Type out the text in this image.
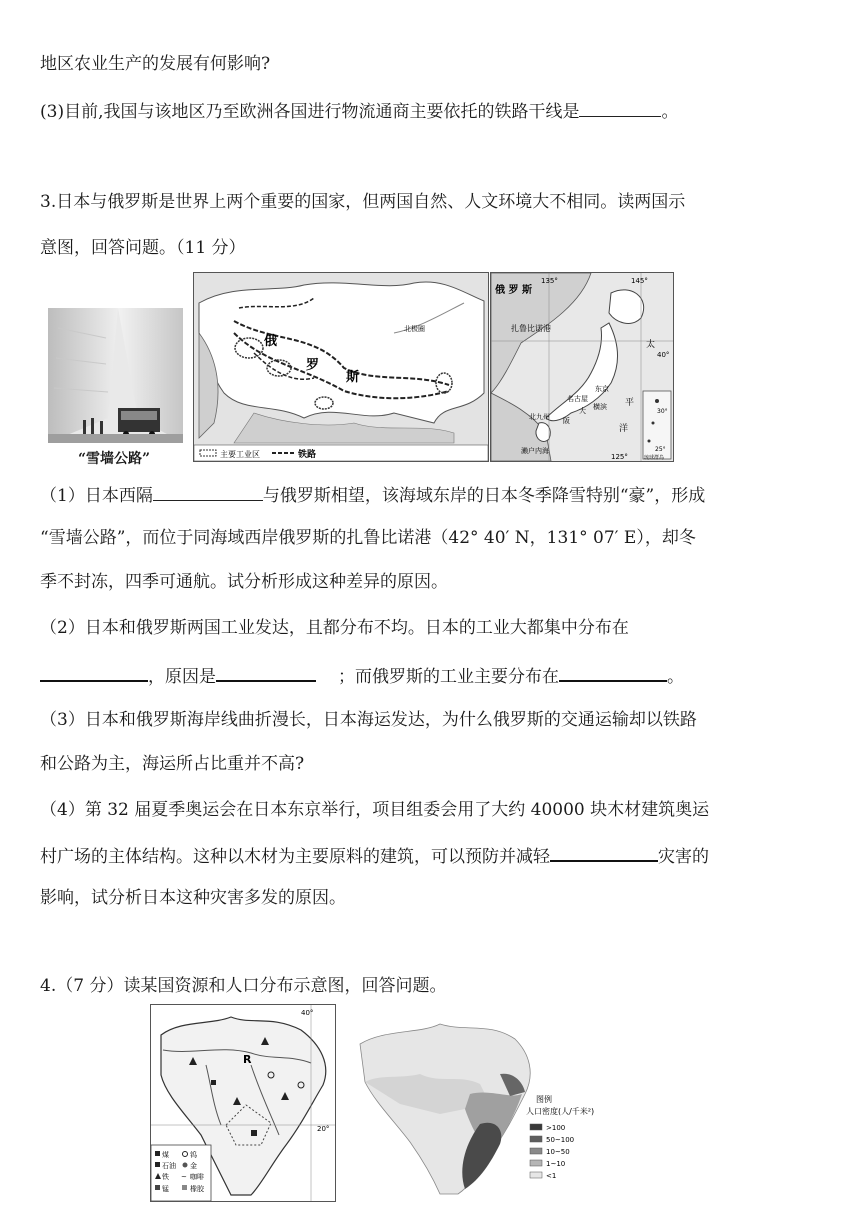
地区农业生产的发展有何影响?
(3)目前,我国与该地区乃至欧洲各国进行物流通商主要依托的铁路干线是	。
3.日本与俄罗斯是世界上两个重要的国家，但两国自然、人文环境大不相同。读两国示
意图，回答问题。（11 分）
“雪墙公路”
俄
罗
斯
北极圈
主要工业区	铁路
俄 罗 斯
扎鲁比诺港
东京
名古屋
横滨
大
北九州 阪
濑户内海
太
平
洋
135°	145°
125°
40°
30°
25°
琉球群岛
（1）日本西隔	与俄罗斯相望，该海域东岸的日本冬季降雪特别“豪”，形成
“雪墙公路”，而位于同海域西岸俄罗斯的扎鲁比诺港（42° 40′ N，131° 07′ E），却冬
季不封冻，四季可通航。试分析形成这种差异的原因。
（2）日本和俄罗斯两国工业发达，且都分布不均。日本的工业大都集中分布在
，原因是	；而俄罗斯的工业主要分布在	。
（3）日本和俄罗斯海岸线曲折漫长，日本海运发达，为什么俄罗斯的交通运输却以铁路
和公路为主，海运所占比重并不高?
（4）第 32 届夏季奥运会在日本东京举行，项目组委会用了大约 40000 块木材建筑奥运
村广场的主体结构。这种以木材为主要原料的建筑，可以预防并减轻	灾害的
影响，试分析日本这种灾害多发的原因。
4.（7 分）读某国资源和人口分布示意图，回答问题。
R
40°
20°
煤	钨
石油 金
铁 ~ 咖啡
锰	橡胶
图例
人口密度(人/千米²)
>100
50~100
10~50
1~10
<1
